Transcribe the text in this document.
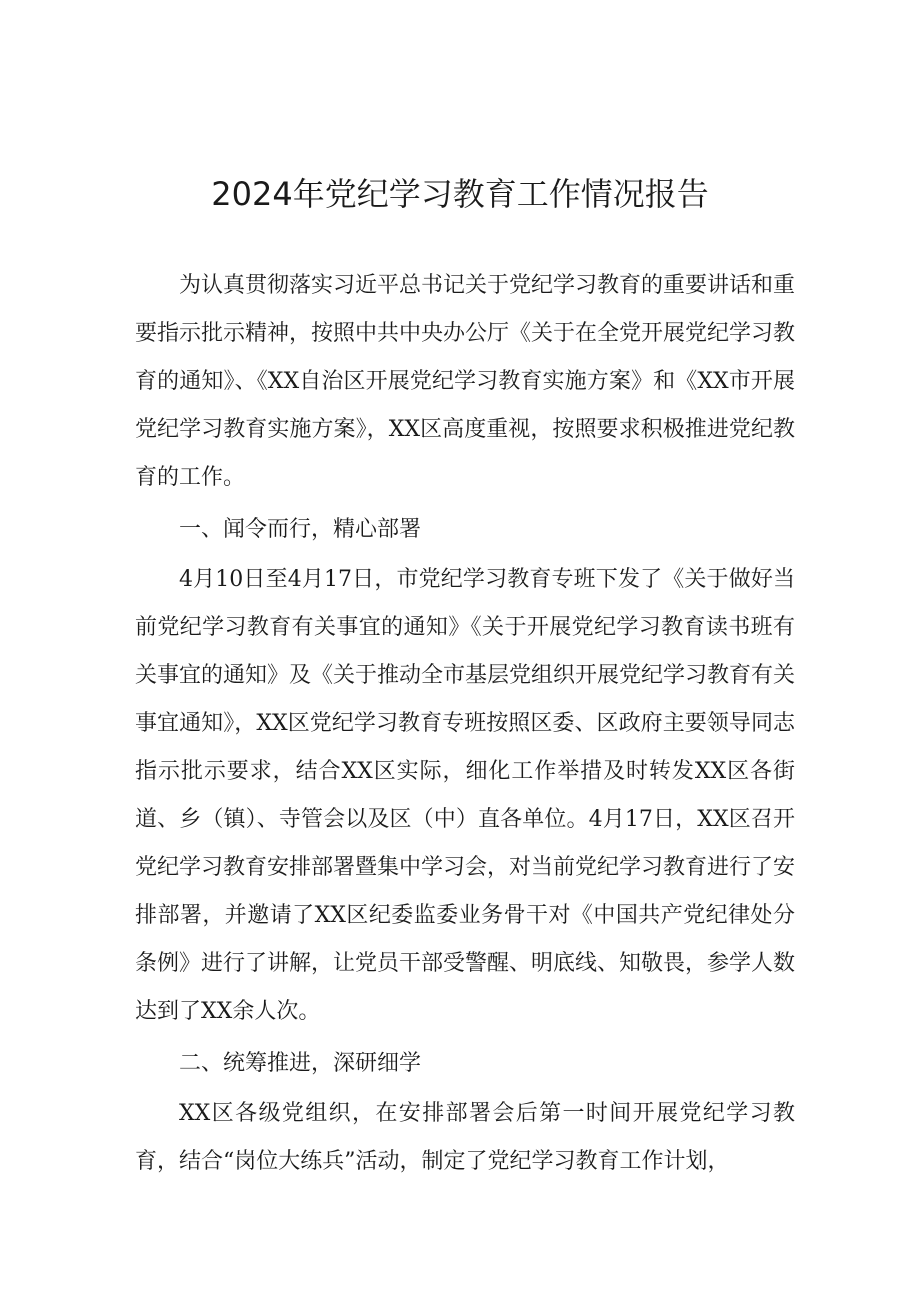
2024年党纪学习教育工作情况报告

为认真贯彻落实习近平总书记关于党纪学习教育的重要讲话和重要指示批示精神，按照中共中央办公厅《关于在全党开展党纪学习教育的通知》、《XX自治区开展党纪学习教育实施方案》和《XX市开展党纪学习教育实施方案》，XX区高度重视，按照要求积极推进党纪教育的工作。

一、闻令而行，精心部署

4月10日至4月17日，市党纪学习教育专班下发了《关于做好当前党纪学习教育有关事宜的通知》《关于开展党纪学习教育读书班有关事宜的通知》及《关于推动全市基层党组织开展党纪学习教育有关事宜通知》，XX区党纪学习教育专班按照区委、区政府主要领导同志指示批示要求，结合XX区实际，细化工作举措及时转发XX区各街道、乡（镇）、寺管会以及区（中）直各单位。4月17日，XX区召开党纪学习教育安排部署暨集中学习会，对当前党纪学习教育进行了安排部署，并邀请了XX区纪委监委业务骨干对《中国共产党纪律处分条例》进行了讲解，让党员干部受警醒、明底线、知敬畏，参学人数达到了XX余人次。

二、统筹推进，深研细学

XX区各级党组织，在安排部署会后第一时间开展党纪学习教育，结合“岗位大练兵”活动，制定了党纪学习教育工作计划，
